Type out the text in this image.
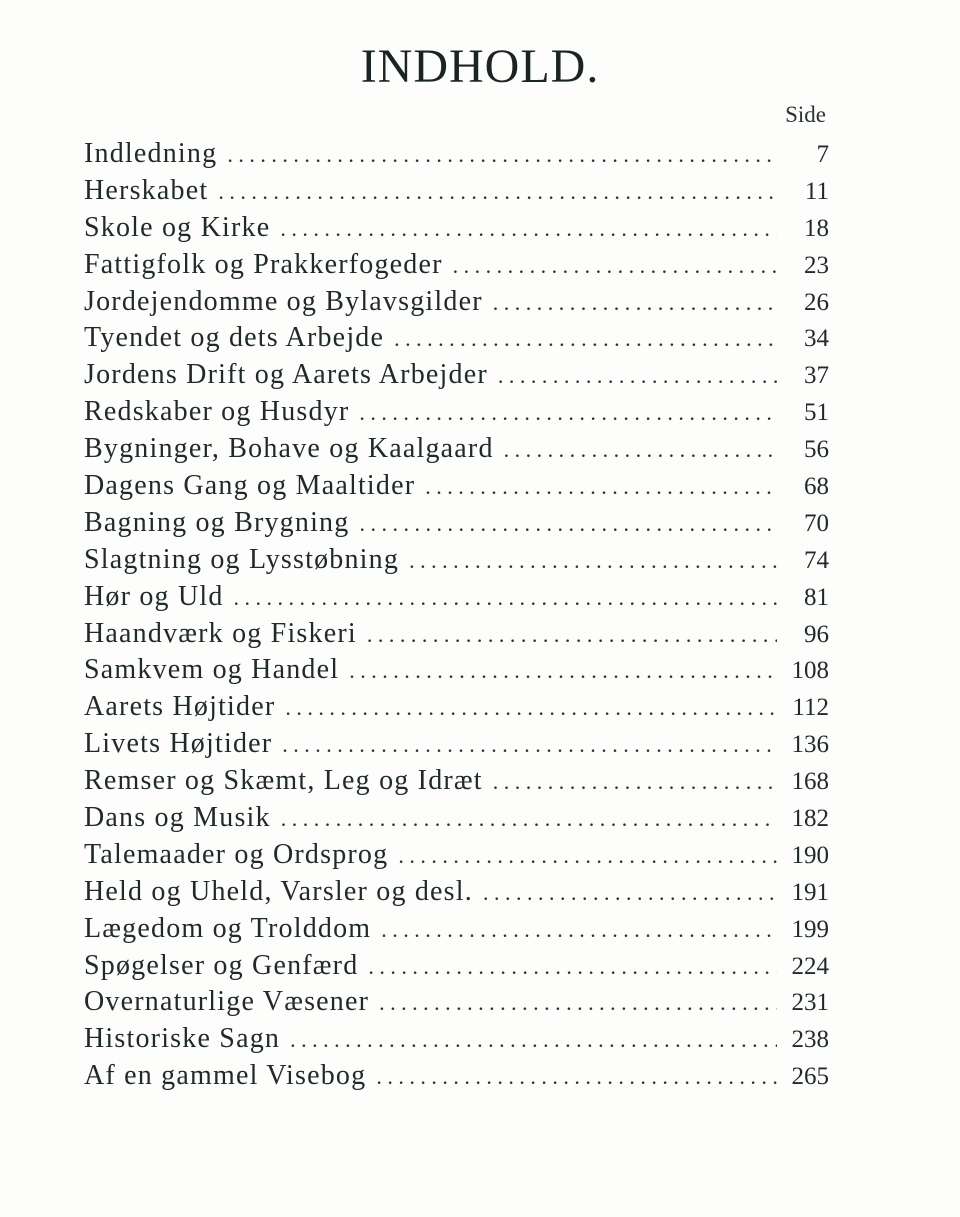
INDHOLD.
Side
Indledning . . .	7
Herskabet . . .	11
Skole og Kirke . . .	18
Fattigfolk og Prakkerfogeder . . .	23
Jordejendomme og Bylavsgilder . . .	26
Tyendet og dets Arbejde . . .	34
Jordens Drift og Aarets Arbejder . . .	37
Redskaber og Husdyr . . .	51
Bygninger, Bohave og Kaalgaard . . .	56
Dagens Gang og Maaltider . . .	68
Bagning og Brygning . . .	70
Slagtning og Lysstøbning . . .	74
Hør og Uld . . .	81
Haandværk og Fiskeri . . .	96
Samkvem og Handel . . .	108
Aarets Højtider . . .	112
Livets Højtider . . .	136
Remser og Skæmt, Leg og Idræt . . .	168
Dans og Musik . . .	182
Talemaader og Ordsprog . . .	190
Held og Uheld, Varsler og desl. . . .	191
Lægedom og Trolddom . . .	199
Spøgelser og Genfærd . . .	224
Overnaturlige Væsener . . .	231
Historiske Sagn . . .	238
Af en gammel Visebog . . .	265
